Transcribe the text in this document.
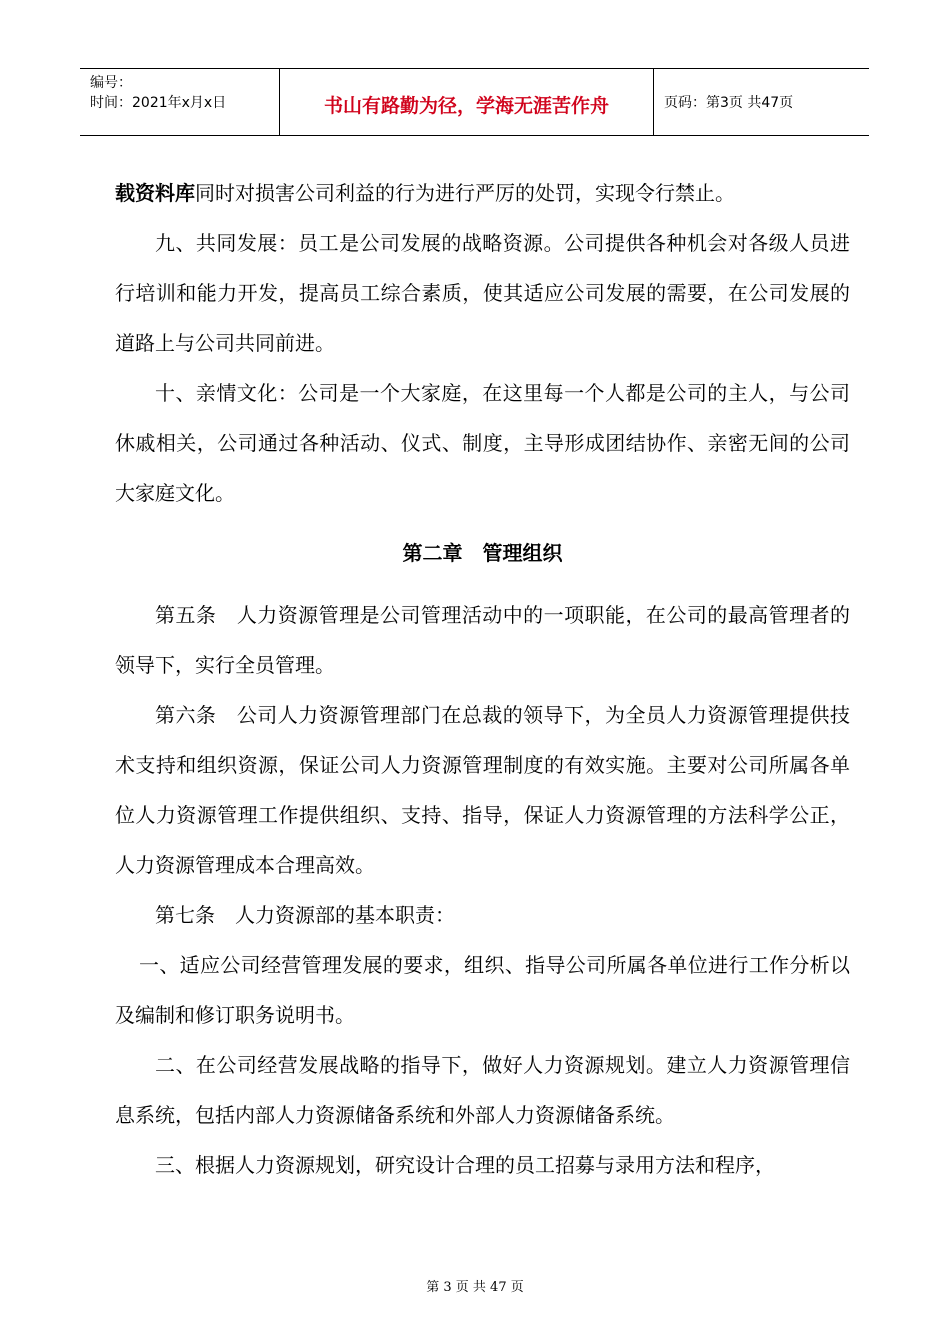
编号：
时间：2021年x月x日	书山有路勤为径，学海无涯苦作舟	页码：第3页 共47页

载资料库同时对损害公司利益的行为进行严厉的处罚，实现令行禁止。

九、共同发展：员工是公司发展的战略资源。公司提供各种机会对各级人员进行培训和能力开发，提高员工综合素质，使其适应公司发展的需要，在公司发展的道路上与公司共同前进。

十、亲情文化：公司是一个大家庭，在这里每一个人都是公司的主人，与公司休戚相关，公司通过各种活动、仪式、制度，主导形成团结协作、亲密无间的公司大家庭文化。

第二章　管理组织

第五条　人力资源管理是公司管理活动中的一项职能，在公司的最高管理者的领导下，实行全员管理。

第六条　公司人力资源管理部门在总裁的领导下，为全员人力资源管理提供技术支持和组织资源，保证公司人力资源管理制度的有效实施。主要对公司所属各单位人力资源管理工作提供组织、支持、指导，保证人力资源管理的方法科学公正，人力资源管理成本合理高效。

第七条　人力资源部的基本职责：

一、适应公司经营管理发展的要求，组织、指导公司所属各单位进行工作分析以及编制和修订职务说明书。

二、在公司经营发展战略的指导下，做好人力资源规划。建立人力资源管理信息系统，包括内部人力资源储备系统和外部人力资源储备系统。

三、根据人力资源规划，研究设计合理的员工招募与录用方法和程序，

第 3 页 共 47 页
